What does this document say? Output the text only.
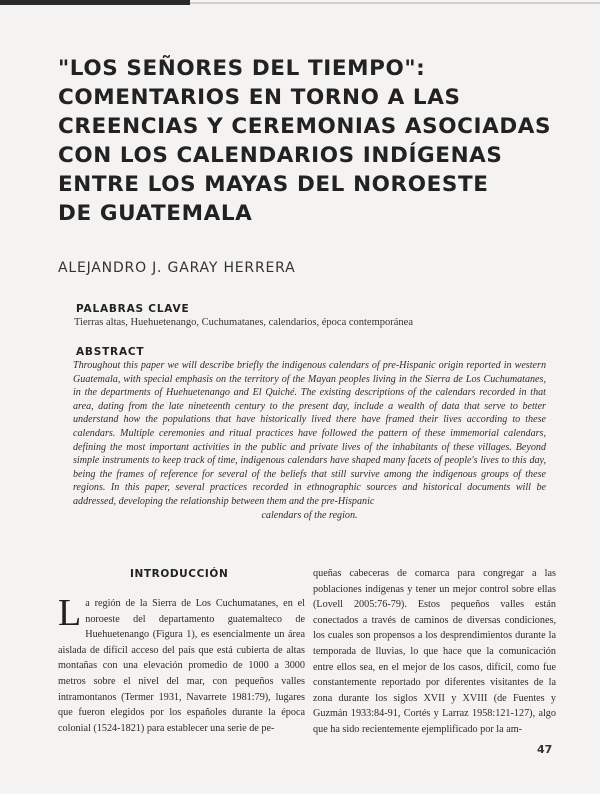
"LOS SEÑORES DEL TIEMPO":
COMENTARIOS EN TORNO A LAS
CREENCIAS Y CEREMONIAS ASOCIADAS
CON LOS CALENDARIOS INDÍGENAS
ENTRE LOS MAYAS DEL NOROESTE
DE GUATEMALA
ALEJANDRO J. GARAY HERRERA
PALABRAS CLAVE
Tierras altas, Huehuetenango, Cuchumatanes, calendarios, época contemporánea
ABSTRACT
Throughout this paper we will describe briefly the indigenous calendars of pre-Hispanic origin reported in western Guatemala, with special emphasis on the territory of the Mayan peoples living in the Sierra de Los Cuchumatanes, in the departments of Huehuetenango and El Quiché. The existing descriptions of the calendars recorded in that area, dating from the late nineteenth century to the present day, include a wealth of data that serve to better understand how the populations that have historically lived there have framed their lives according to these calendars. Multiple ceremonies and ritual practices have followed the pattern of these immemorial calendars, defining the most important activities in the public and private lives of the inhabitants of these villages. Beyond simple instruments to keep track of time, indigenous calendars have shaped many facets of people's lives to this day, being the frames of reference for several of the beliefs that still survive among the indigenous groups of these regions. In this paper, several practices recorded in ethnographic sources and historical documents will be addressed, developing the relationship between them and the pre-Hispanic
calendars of the region.
INTRODUCCIÓN
L a región de la Sierra de Los Cuchumatanes, en el noroeste del departamento guatemalteco de Huehuetenango (Figura 1), es esencialmente un área aislada de difícil acceso del país que está cubierta de altas montañas con una elevación promedio de 1000 a 3000 metros sobre el nivel del mar, con pequeños valles intramontanos (Termer 1931, Navarrete 1981:79), lugares que fueron elegidos por los españoles durante la época colonial (1524-1821) para establecer una serie de pe-
queñas cabeceras de comarca para congregar a las poblaciones indígenas y tener un mejor control sobre ellas (Lovell 2005:76-79). Estos pequeños valles están conectados a través de caminos de diversas condiciones, los cuales son propensos a los desprendimientos durante la temporada de lluvias, lo que hace que la comunicación entre ellos sea, en el mejor de los casos, difícil, como fue constantemente reportado por diferentes visitantes de la zona durante los siglos XVII y XVIII (de Fuentes y Guzmán 1933:84-91, Cortés y Larraz 1958:121-127), algo que ha sido recientemente ejemplificado por la am-
47
